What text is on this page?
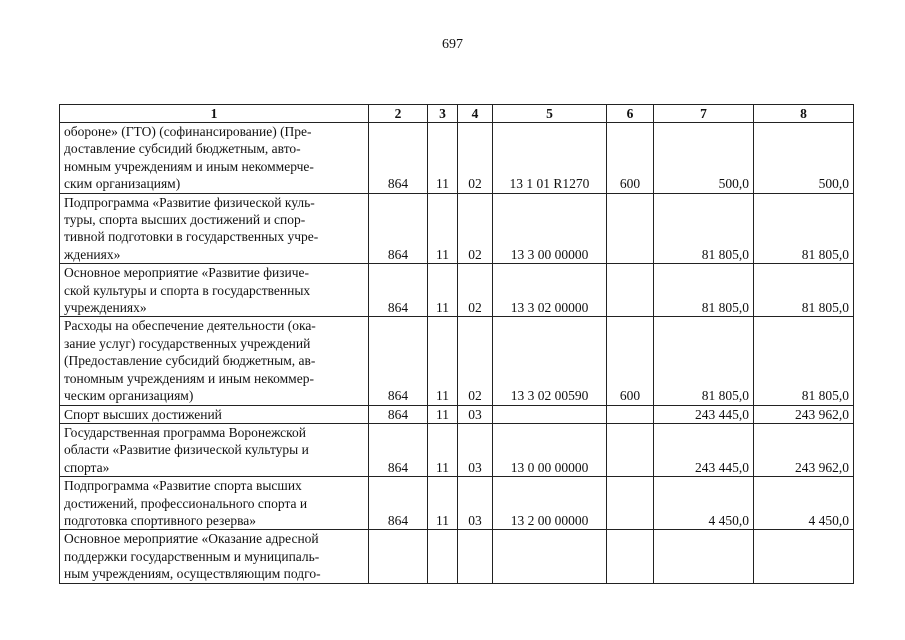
697
1	2	3	4	5	6	7	8
обороне» (ГТО) (софинансирование) (Пре-
доставление субсидий бюджетным, авто-
номным учреждениям и иным некоммерче-
ским организациям)	864	11	02	13 1 01 R1270	600	500,0	500,0
Подпрограмма «Развитие физической куль-
туры, спорта высших достижений и спор-
тивной подготовки в государственных учре-
ждениях»	864	11	02	13 3 00 00000		81 805,0	81 805,0
Основное мероприятие «Развитие физиче-
ской культуры и спорта в государственных
учреждениях»	864	11	02	13 3 02 00000		81 805,0	81 805,0
Расходы на обеспечение деятельности (ока-
зание услуг) государственных учреждений
(Предоставление субсидий бюджетным, ав-
тономным учреждениям и иным некоммер-
ческим организациям)	864	11	02	13 3 02 00590	600	81 805,0	81 805,0
Спорт высших достижений	864	11	03			243 445,0	243 962,0
Государственная программа Воронежской
области «Развитие физической культуры и
спорта»	864	11	03	13 0 00 00000		243 445,0	243 962,0
Подпрограмма «Развитие спорта высших
достижений, профессионального спорта и
подготовка спортивного резерва»	864	11	03	13 2 00 00000		4 450,0	4 450,0
Основное мероприятие «Оказание адресной
поддержки государственным и муниципаль-
ным учреждениям, осуществляющим подго-							
